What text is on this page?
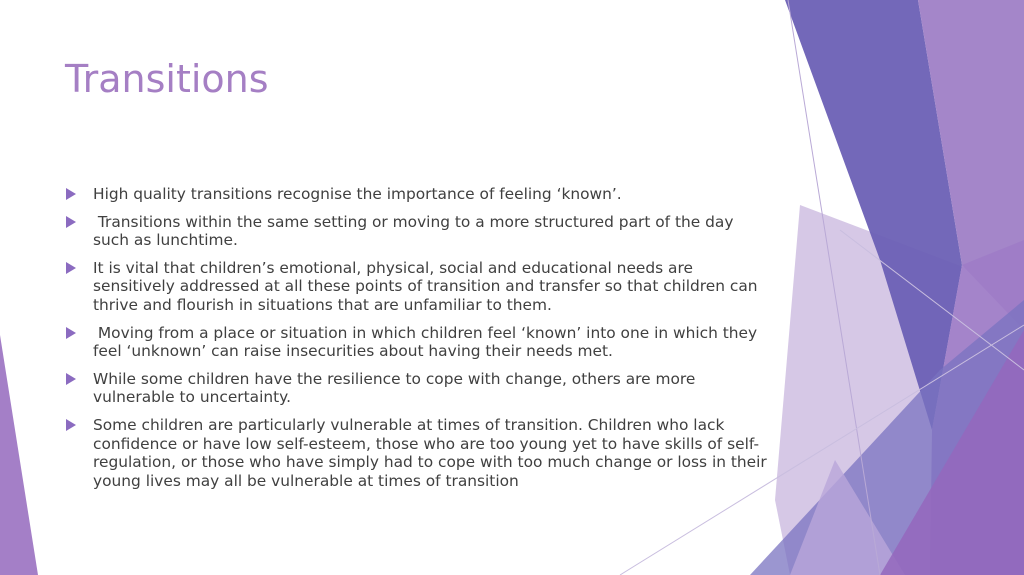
Transitions
High quality transitions recognise the importance of feeling ‘known’.
Transitions within the same setting or moving to a more structured part of the day such as lunchtime.
It is vital that children’s emotional, physical, social and educational needs are sensitively addressed at all these points of transition and transfer so that children can thrive and flourish in situations that are unfamiliar to them.
Moving from a place or situation in which children feel ‘known’ into one in which they feel ‘unknown’ can raise insecurities about having their needs met.
While some children have the resilience to cope with change, others are more vulnerable to uncertainty.
Some children are particularly vulnerable at times of transition. Children who lack confidence or have low self-esteem, those who are too young yet to have skills of self-regulation, or those who have simply had to cope with too much change or loss in their young lives may all be vulnerable at times of transition
